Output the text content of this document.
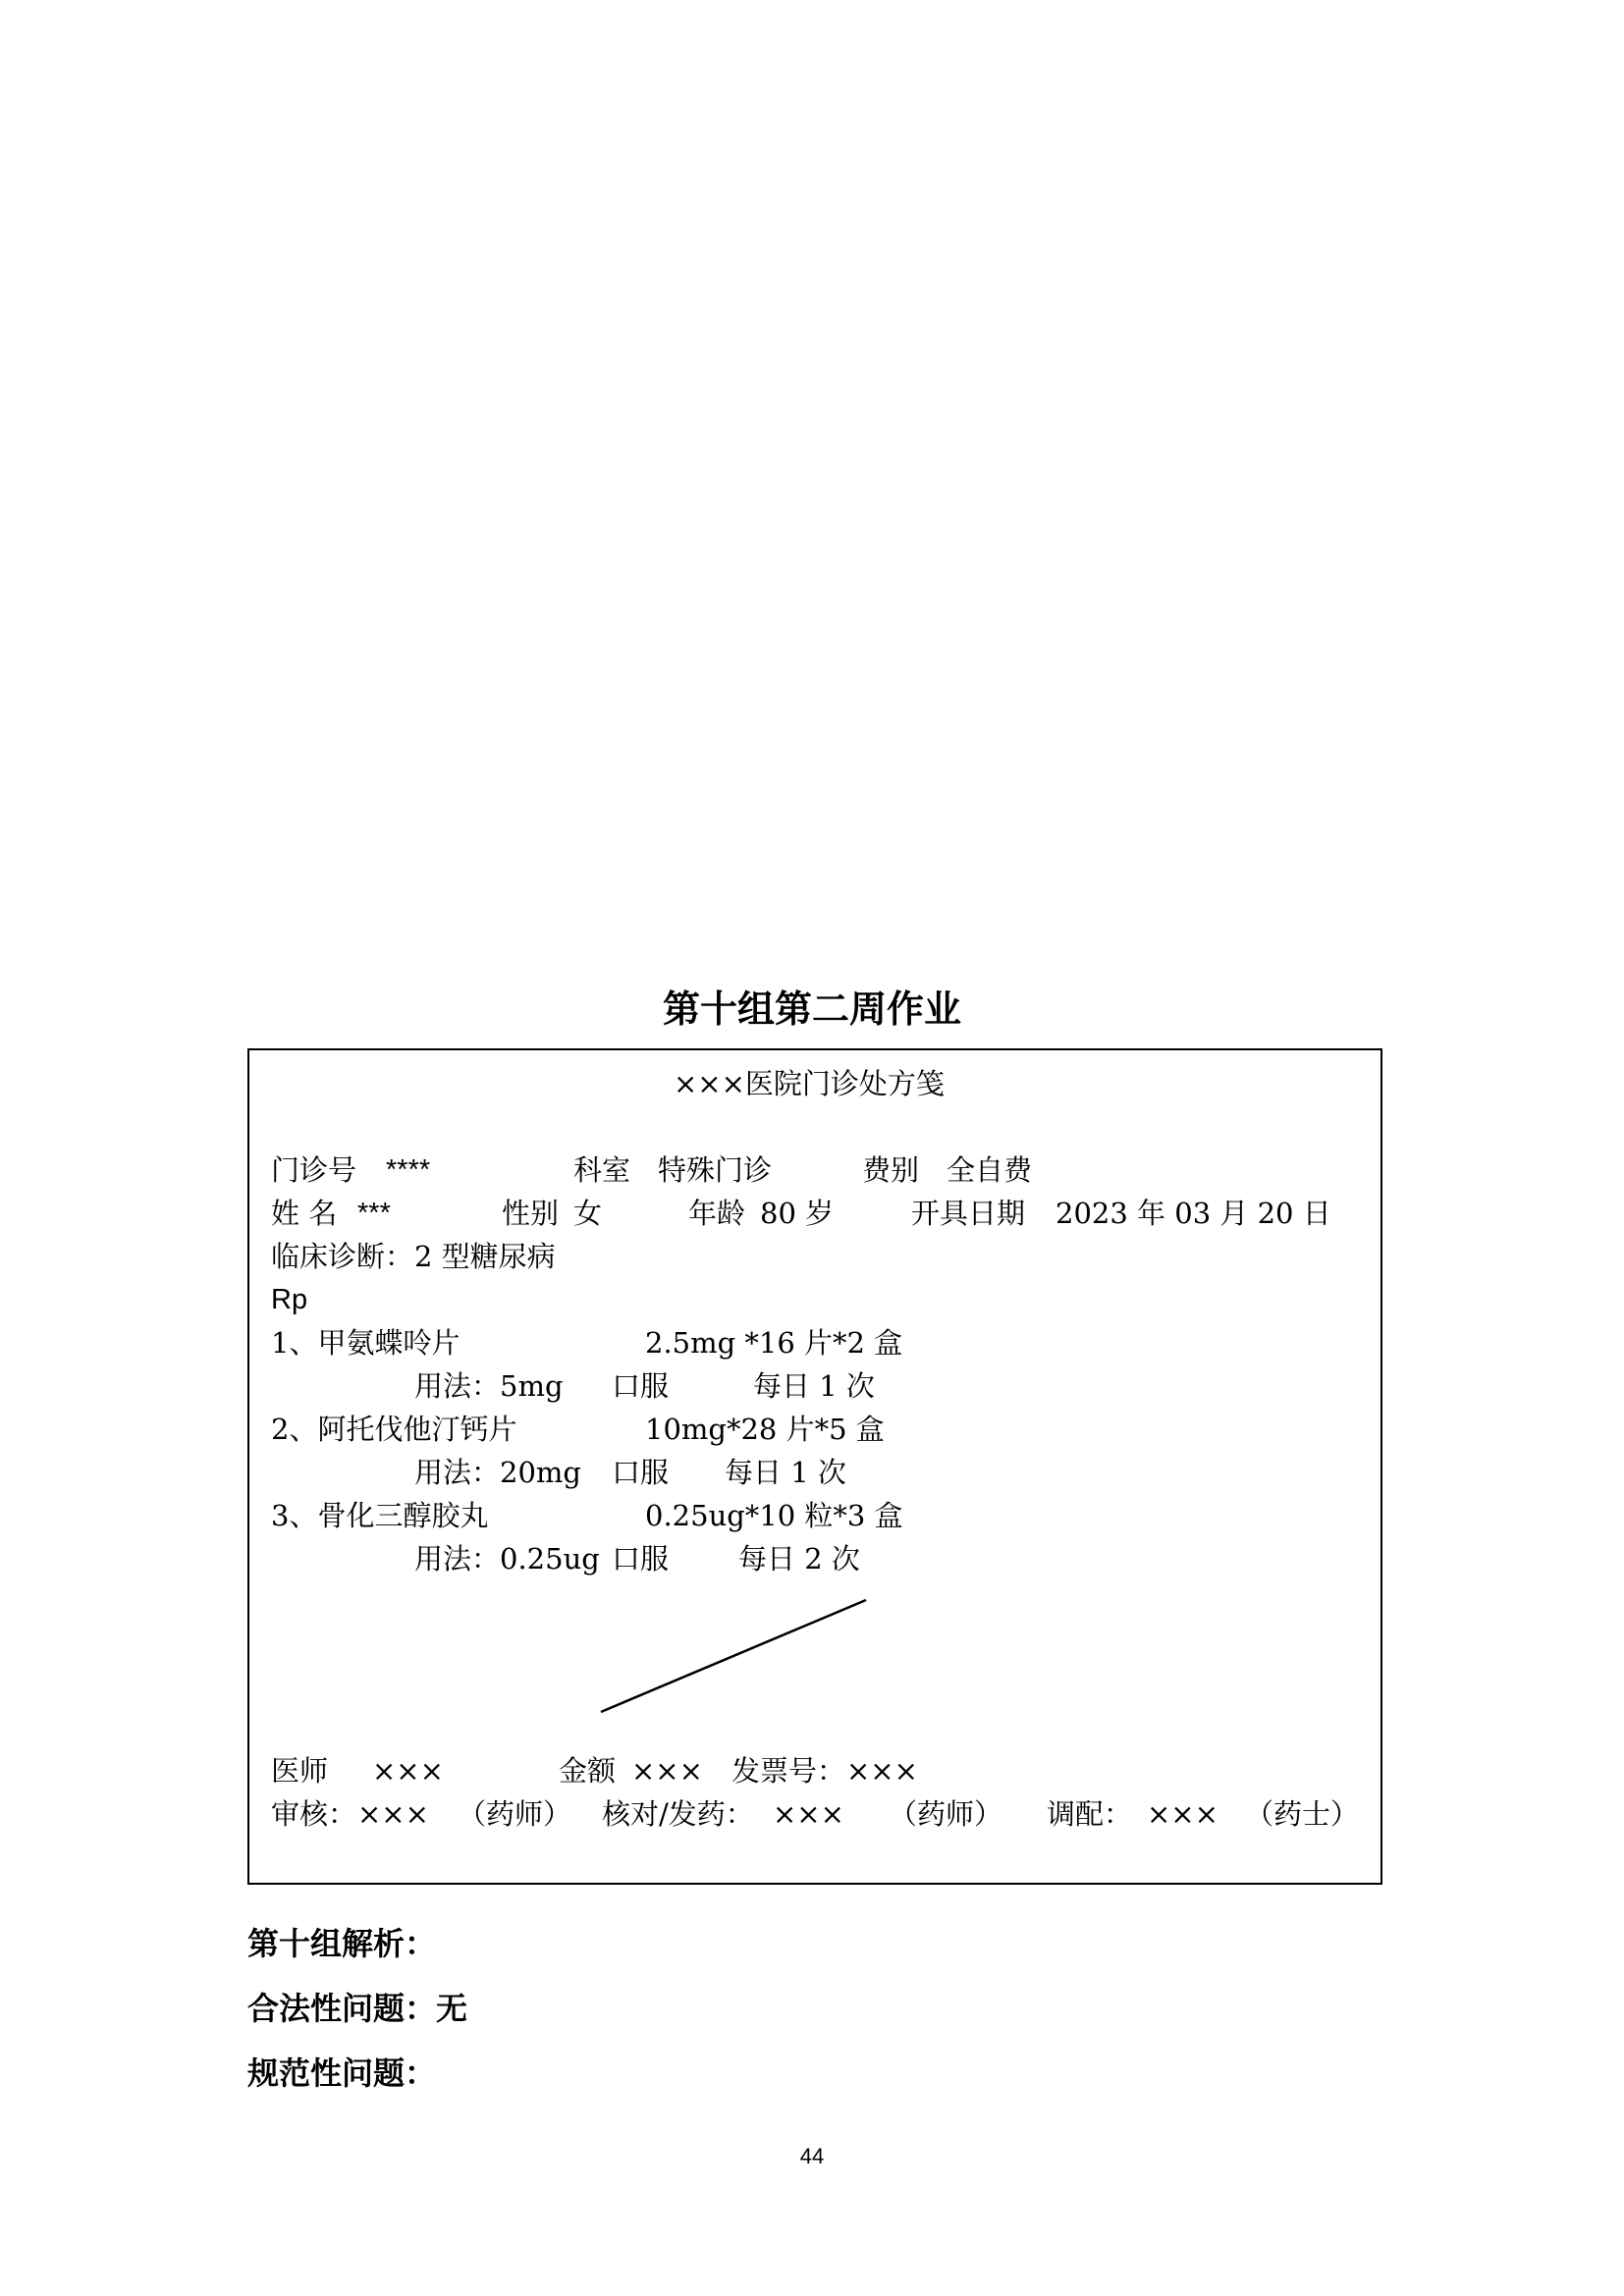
第十组第二周作业
×××医院门诊处方笺
门诊号 ****	科室 特殊门诊	费别 全自费
姓 名 ***	性别 女	年龄 80 岁	开具日期 2023 年 03 月 20 日
临床诊断： 2 型糖尿病
Rp
1、甲氨蝶呤片	2.5mg *16 片*2 盒
用法：5mg 口服	每日 1 次
2、阿托伐他汀钙片	10mg*28 片*5 盒
用法：20mg 口服 每日 1 次
3、骨化三醇胶丸	0.25ug*10 粒*3 盒
用法：0.25ug 口服 每日 2 次
医师 ×××	金额 ××× 发票号： ×××
审核： ××× （药师） 核对/发药： ××× （药师） 调配： ××× （药士）
第十组解析：
合法性问题：无
规范性问题：
44
